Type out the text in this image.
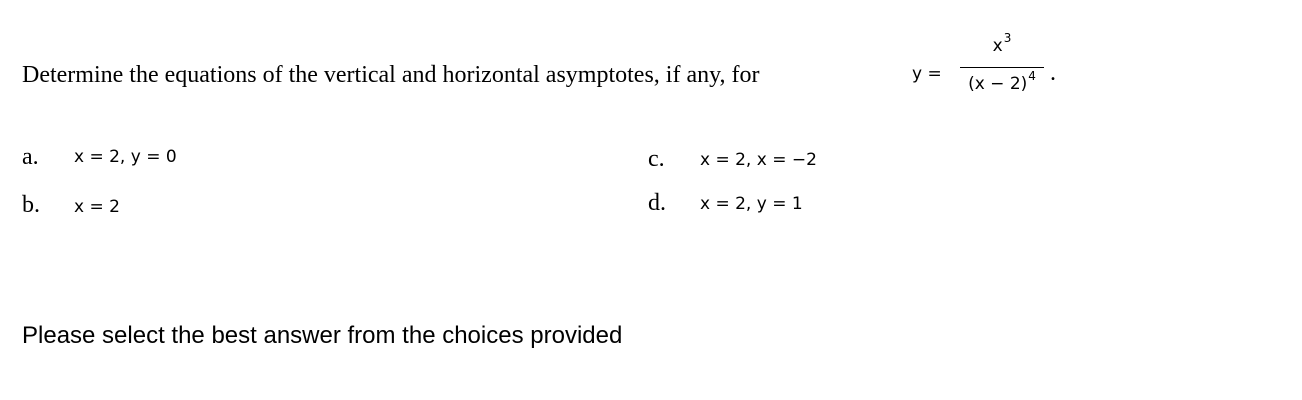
Determine the equations of the vertical and horizontal asymptotes, if any, for	y =
$x^3$
$(x - 2)^4$ .
a. x = 2, y = 0
b. x = 2
c. x = 2, x = −2
d. x = 2, y = 1
Please select the best answer from the choices provided
